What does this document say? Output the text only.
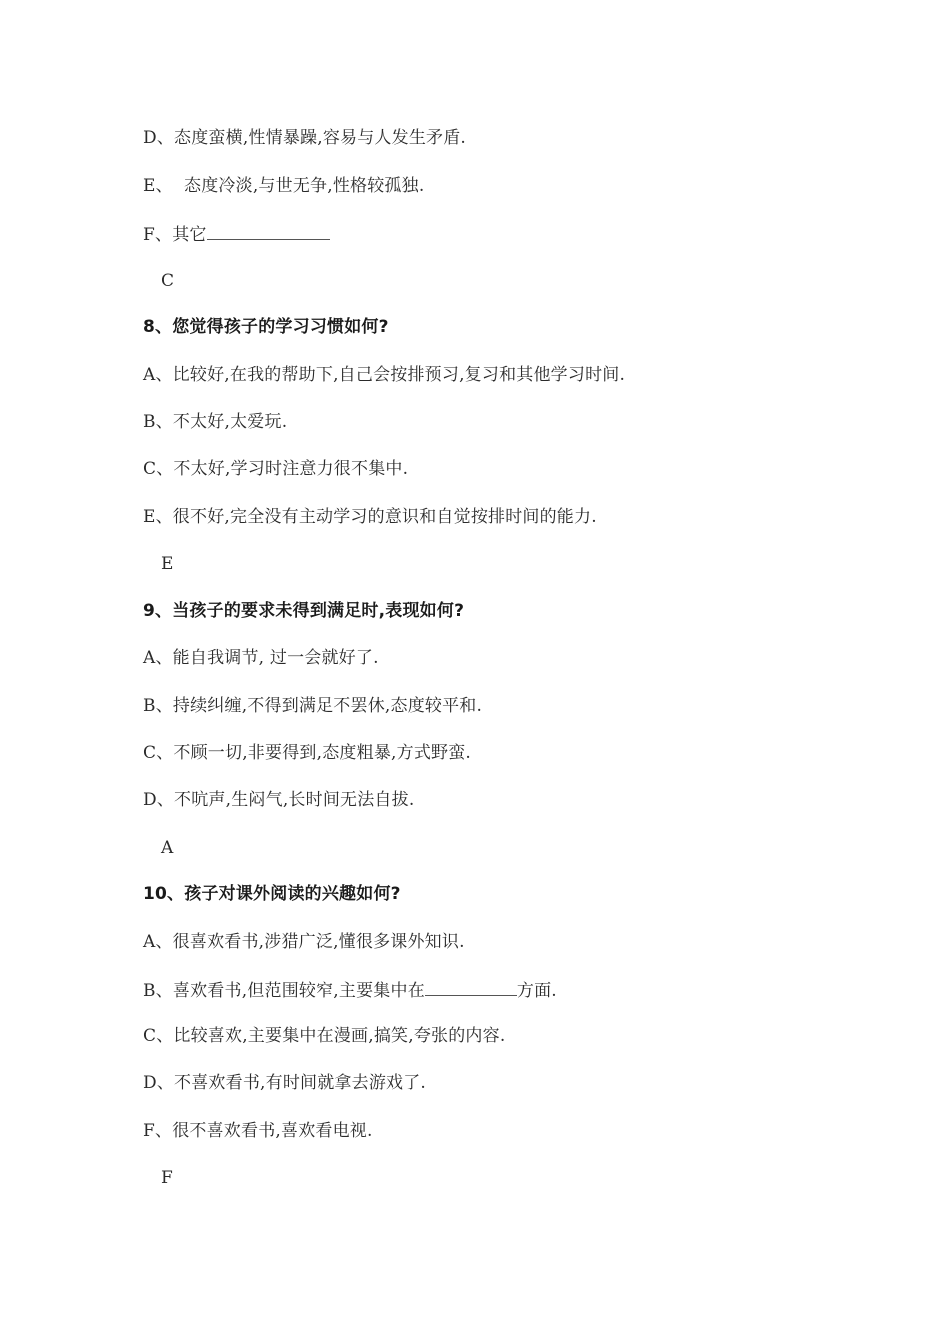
D、态度蛮横,性情暴躁,容易与人发生矛盾.
E、  态度冷淡,与世无争,性格较孤独.
F、其它
C
8、您觉得孩子的学习习惯如何?
A、比较好,在我的帮助下,自己会按排预习,复习和其他学习时间.
B、不太好,太爱玩.
C、不太好,学习时注意力很不集中.
E、很不好,完全没有主动学习的意识和自觉按排时间的能力.
E
9、当孩子的要求未得到满足时,表现如何?
A、能自我调节, 过一会就好了.
B、持续纠缠,不得到满足不罢休,态度较平和.
C、不顾一切,非要得到,态度粗暴,方式野蛮.
D、不吭声,生闷气,长时间无法自拔.
A
10、孩子对课外阅读的兴趣如何?
A、很喜欢看书,涉猎广泛,懂很多课外知识.
B、喜欢看书,但范围较窄,主要集中在	方面.
C、比较喜欢,主要集中在漫画,搞笑,夸张的内容.
D、不喜欢看书,有时间就拿去游戏了.
F、很不喜欢看书,喜欢看电视.
F
